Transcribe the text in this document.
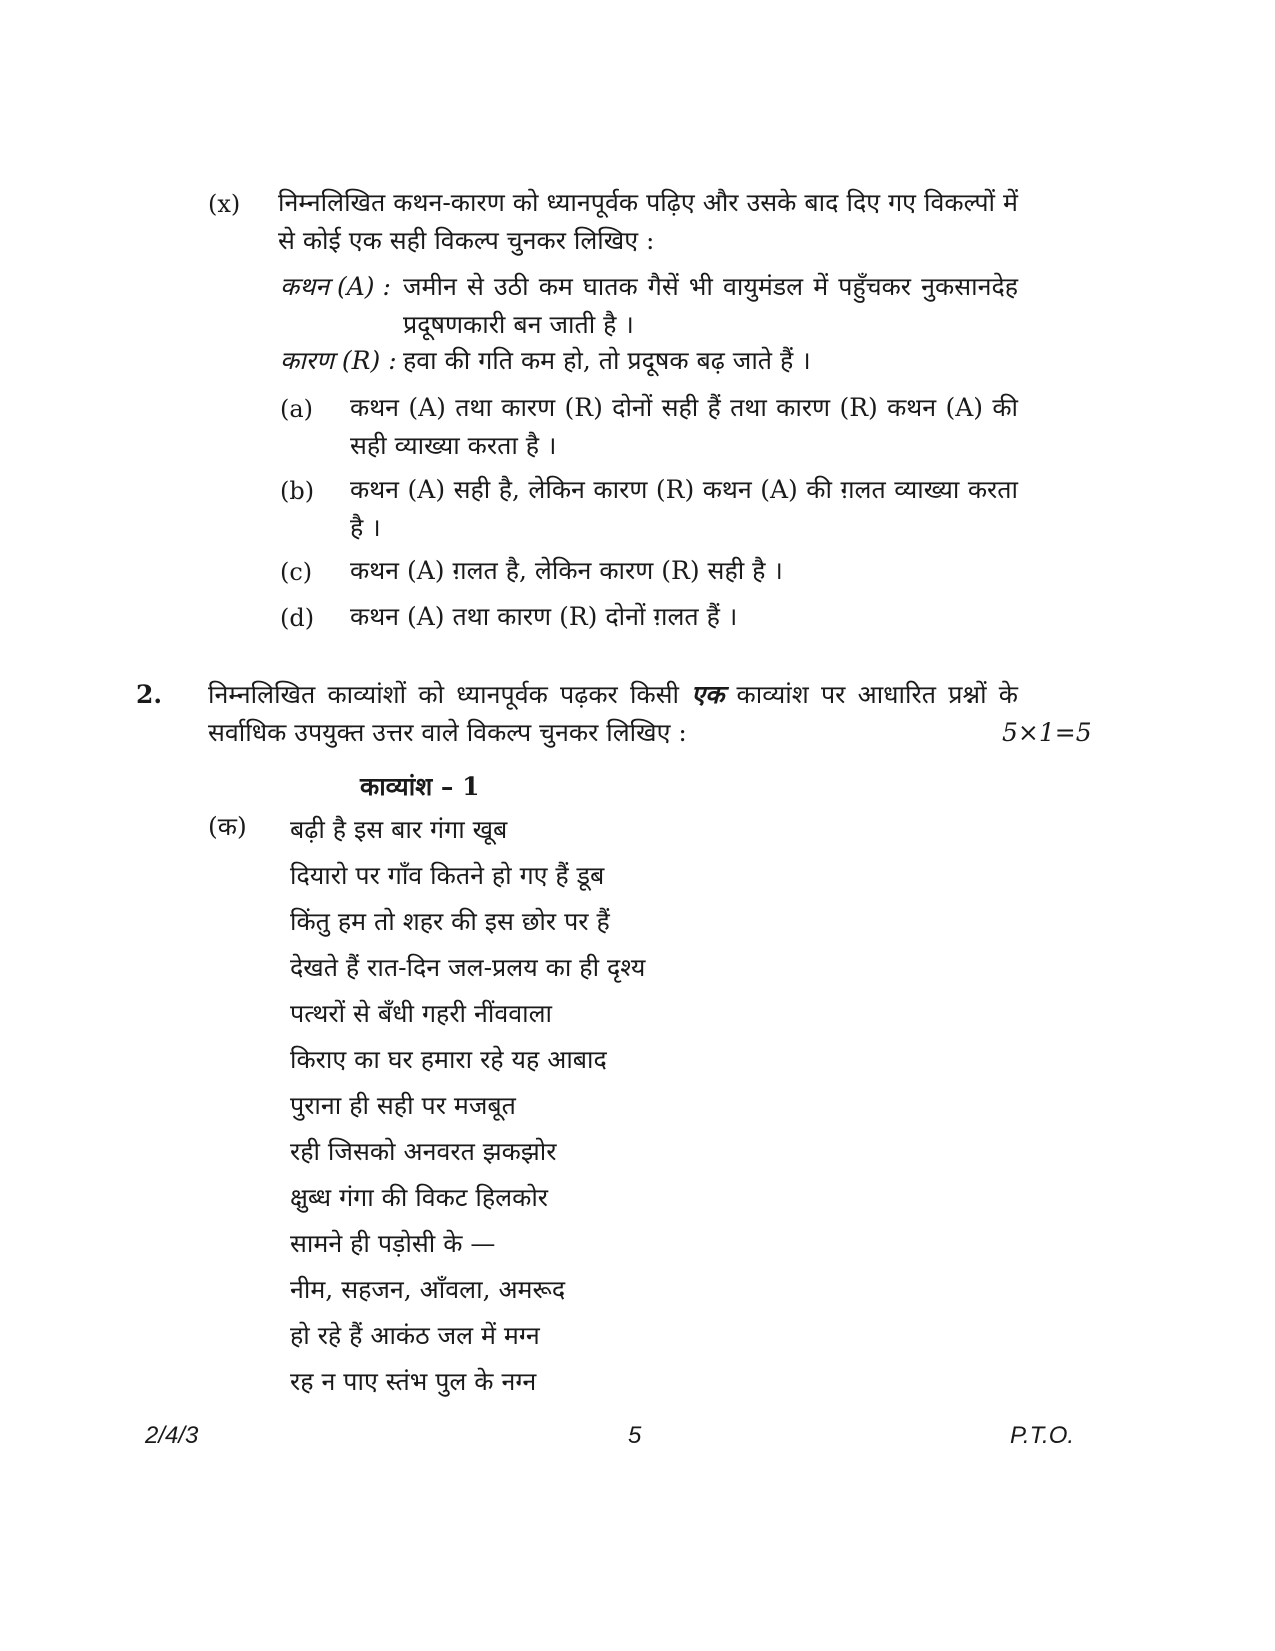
(x) निम्नलिखित कथन-कारण को ध्यानपूर्वक पढ़िए और उसके बाद दिए गए विकल्पों में से कोई एक सही विकल्प चुनकर लिखिए :
कथन (A) : जमीन से उठी कम घातक गैसें भी वायुमंडल में पहुँचकर नुकसानदेह प्रदूषणकारी बन जाती है ।
कारण (R) : हवा की गति कम हो, तो प्रदूषक बढ़ जाते हैं ।
(a) कथन (A) तथा कारण (R) दोनों सही हैं तथा कारण (R) कथन (A) की सही व्याख्या करता है ।
(b) कथन (A) सही है, लेकिन कारण (R) कथन (A) की ग़लत व्याख्या करता है ।
(c) कथन (A) ग़लत है, लेकिन कारण (R) सही है ।
(d) कथन (A) तथा कारण (R) दोनों ग़लत हैं ।
2. निम्नलिखित काव्यांशों को ध्यानपूर्वक पढ़कर किसी एक काव्यांश पर आधारित प्रश्नों के सर्वाधिक उपयुक्त उत्तर वाले विकल्प चुनकर लिखिए :	5×1=5
काव्यांश – 1
(क) बढ़ी है इस बार गंगा खूब
दियारो पर गाँव कितने हो गए हैं डूब
किंतु हम तो शहर की इस छोर पर हैं
देखते हैं रात-दिन जल-प्रलय का ही दृश्य
पत्थरों से बँधी गहरी नींववाला
किराए का घर हमारा रहे यह आबाद
पुराना ही सही पर मजबूत
रही जिसको अनवरत झकझोर
क्षुब्ध गंगा की विकट हिलकोर
सामने ही पड़ोसी के —
नीम, सहजन, आँवला, अमरूद
हो रहे हैं आकंठ जल में मग्न
रह न पाए स्तंभ पुल के नग्न
2/4/3	5	P.T.O.
